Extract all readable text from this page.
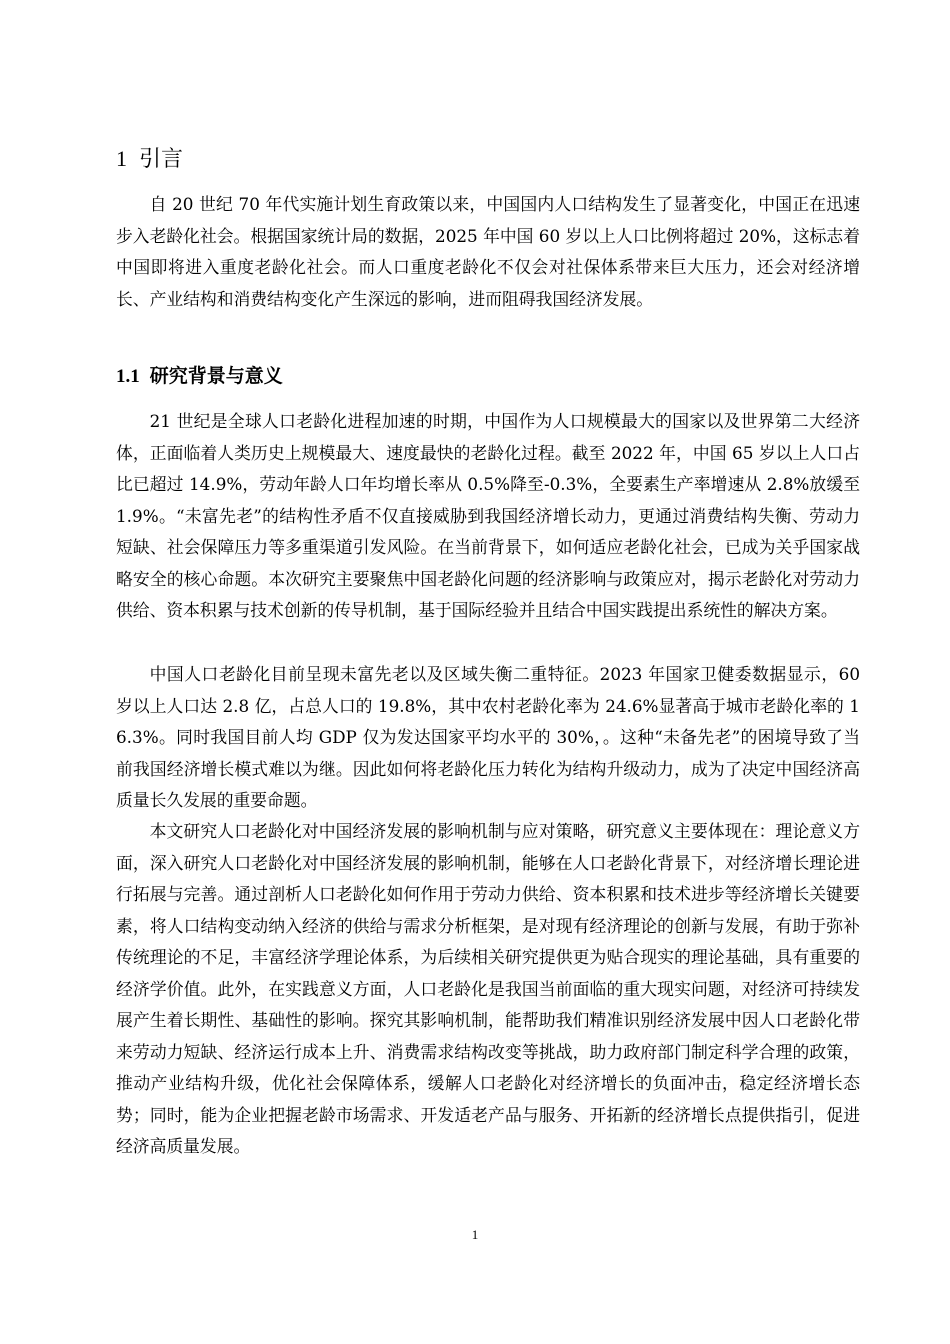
1 引言

自 20 世纪 70 年代实施计划生育政策以来，中国国内人口结构发生了显著变化，中国正在迅速步入老龄化社会。根据国家统计局的数据，2025 年中国 60 岁以上人口比例将超过 20%，这标志着中国即将进入重度老龄化社会。而人口重度老龄化不仅会对社保体系带来巨大压力，还会对经济增长、产业结构和消费结构变化产生深远的影响，进而阻碍我国经济发展。

1.1 研究背景与意义

21 世纪是全球人口老龄化进程加速的时期，中国作为人口规模最大的国家以及世界第二大经济体，正面临着人类历史上规模最大、速度最快的老龄化过程。截至 2022 年，中国 65 岁以上人口占比已超过 14.9%，劳动年龄人口年均增长率从 0.5%降至-0.3%，全要素生产率增速从 2.8%放缓至 1.9%。“未富先老”的结构性矛盾不仅直接威胁到我国经济增长动力，更通过消费结构失衡、劳动力短缺、社会保障压力等多重渠道引发风险。在当前背景下，如何适应老龄化社会，已成为关乎国家战略安全的核心命题。本次研究主要聚焦中国老龄化问题的经济影响与政策应对，揭示老龄化对劳动力供给、资本积累与技术创新的传导机制，基于国际经验并且结合中国实践提出系统性的解决方案。

中国人口老龄化目前呈现未富先老以及区域失衡二重特征。2023 年国家卫健委数据显示，60 岁以上人口达 2.8 亿，占总人口的 19.8%，其中农村老龄化率为 24.6%显著高于城市老龄化率的 16.3%。同时我国目前人均 GDP 仅为发达国家平均水平的 30%，。这种“未备先老”的困境导致了当前我国经济增长模式难以为继。因此如何将老龄化压力转化为结构升级动力，成为了决定中国经济高质量长久发展的重要命题。

本文研究人口老龄化对中国经济发展的影响机制与应对策略，研究意义主要体现在：理论意义方面，深入研究人口老龄化对中国经济发展的影响机制，能够在人口老龄化背景下，对经济增长理论进行拓展与完善。通过剖析人口老龄化如何作用于劳动力供给、资本积累和技术进步等经济增长关键要素，将人口结构变动纳入经济的供给与需求分析框架，是对现有经济理论的创新与发展，有助于弥补传统理论的不足，丰富经济学理论体系，为后续相关研究提供更为贴合现实的理论基础，具有重要的经济学价值。此外，在实践意义方面，人口老龄化是我国当前面临的重大现实问题，对经济可持续发展产生着长期性、基础性的影响。探究其影响机制，能帮助我们精准识别经济发展中因人口老龄化带来劳动力短缺、经济运行成本上升、消费需求结构改变等挑战，助力政府部门制定科学合理的政策，推动产业结构升级，优化社会保障体系，缓解人口老龄化对经济增长的负面冲击，稳定经济增长态势；同时，能为企业把握老龄市场需求、开发适老产品与服务、开拓新的经济增长点提供指引，促进经济高质量发展。

1
